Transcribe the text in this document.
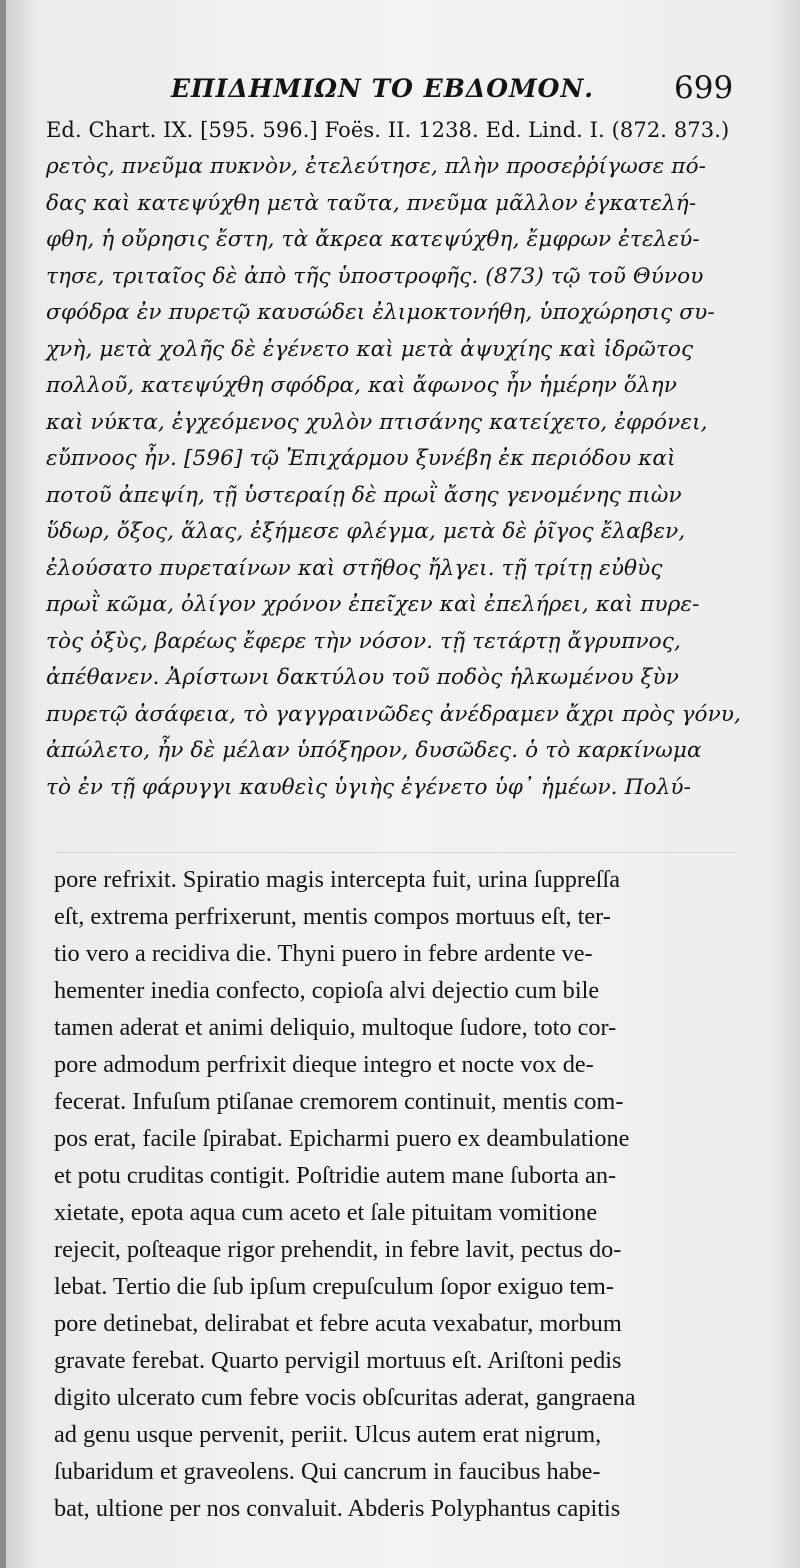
ΕΠΙΔΗΜΙΩΝ ΤΟ ΕΒΔΟΜΟΝ.	699
Ed. Chart. IX. [595. 596.] Foës. II. 1238. Ed. Lind. I. (872. 873.)
ρετὸς, πνεῦμα πυκνὸν, ἐτελεύτησε, πλὴν προσεῤῥίγωσε πό-
δας καὶ κατεψύχθη μετὰ ταῦτα, πνεῦμα μᾶλλον ἐγκατελή-
φθη, ἡ οὔρησις ἔστη, τὰ ἄκρεα κατεψύχθη, ἔμφρων ἐτελεύ-
τησε, τριταῖος δὲ ἀπὸ τῆς ὑποστροφῆς. (873) τῷ τοῦ Θύνου
σφόδρα ἐν πυρετῷ καυσώδει ἐλιμοκτονήθη, ὑποχώρησις συ-
χνὴ, μετὰ χολῆς δὲ ἐγένετο καὶ μετὰ ἀψυχίης καὶ ἱδρῶτος
πολλοῦ, κατεψύχθη σφόδρα, καὶ ἄφωνος ἦν ἡμέρην ὅλην
καὶ νύκτα, ἐγχεόμενος χυλὸν πτισάνης κατείχετο, ἐφρόνει,
εὔπνοος ἦν. [596] τῷ Ἐπιχάρμου ξυνέβη ἐκ περιόδου καὶ
ποτοῦ ἀπεψίη, τῇ ὑστεραίῃ δὲ πρωῒ ἄσης γενομένης πιὼν
ὕδωρ, ὄξος, ἅλας, ἐξήμεσε φλέγμα, μετὰ δὲ ῥῖγος ἔλαβεν,
ἐλούσατο πυρεταίνων καὶ στῆθος ἤλγει. τῇ τρίτῃ εὐθὺς
πρωῒ κῶμα, ὀλίγον χρόνον ἐπεῖχεν καὶ ἐπελήρει, καὶ πυρε-
τὸς ὀξὺς, βαρέως ἔφερε τὴν νόσον. τῇ τετάρτῃ ἄγρυπνος,
ἀπέθανεν. Ἀρίστωνι δακτύλου τοῦ ποδὸς ἡλκωμένου ξὺν
πυρετῷ ἀσάφεια, τὸ γαγγραινῶδες ἀνέδραμεν ἄχρι πρὸς γόνυ,
ἀπώλετο, ἦν δὲ μέλαν ὑπόξηρον, δυσῶδες. ὁ τὸ καρκίνωμα
τὸ ἐν τῇ φάρυγγι καυθεὶς ὑγιὴς ἐγένετο ὑφ᾽ ἡμέων. Πολύ-
pore refrixit. Spiratio magis intercepta fuit, urina ſuppreſſa
eſt, extrema perfrixerunt, mentis compos mortuus eſt, ter-
tio vero a recidiva die. Thyni puero in febre ardente ve-
hementer inedia confecto, copioſa alvi dejectio cum bile
tamen aderat et animi deliquio, multoque ſudore, toto cor-
pore admodum perfrixit dieque integro et nocte vox de-
fecerat. Infuſum ptiſanae cremorem continuit, mentis com-
pos erat, facile ſpirabat. Epicharmi puero ex deambulatione
et potu cruditas contigit. Poſtridie autem mane ſuborta an-
xietate, epota aqua cum aceto et ſale pituitam vomitione
rejecit, poſteaque rigor prehendit, in febre lavit, pectus do-
lebat. Tertio die ſub ipſum crepuſculum ſopor exiguo tem-
pore detinebat, delirabat et febre acuta vexabatur, morbum
gravate ferebat. Quarto pervigil mortuus eſt. Ariſtoni pedis
digito ulcerato cum febre vocis obſcuritas aderat, gangraena
ad genu usque pervenit, periit. Ulcus autem erat nigrum,
ſubaridum et graveolens. Qui cancrum in faucibus habe-
bat, ultione per nos convaluit. Abderis Polyphantus capitis
